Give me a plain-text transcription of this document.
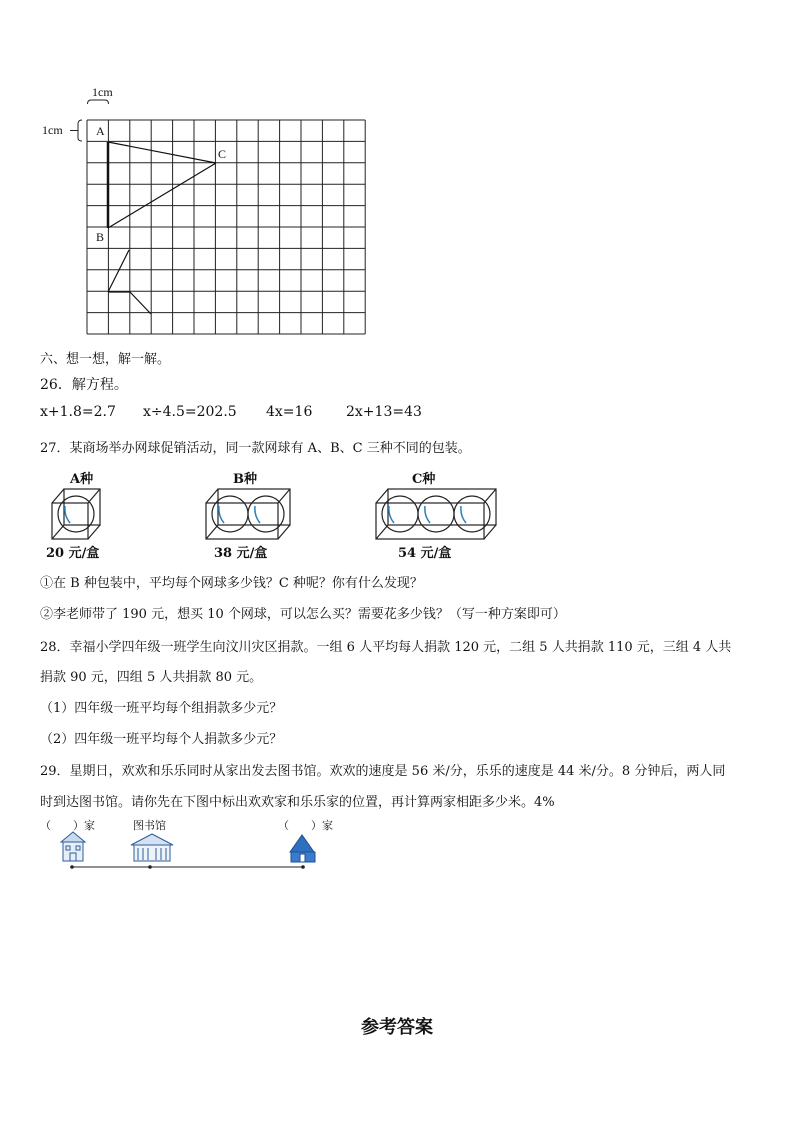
1cm
1cm	A
B
C
六、想一想，解一解。
26．解方程。
x+1.8=2.7 x÷4.5=202.5 4x=16 2x+13=43
27．某商场举办网球促销活动，同一款网球有 A、B、C 三种不同的包装。
A种
20 元/盒
B种
38 元/盒
C种
54 元/盒
①在 B 种包装中，平均每个网球多少钱？C 种呢？你有什么发现？
②李老师带了 190 元，想买 10 个网球，可以怎么买？需要花多少钱？（写一种方案即可）
28．幸福小学四年级一班学生向汶川灾区捐款。一组 6 人平均每人捐款 120 元，二组 5 人共捐款 110 元，三组 4 人共
捐款 90 元，四组 5 人共捐款 80 元。
（1）四年级一班平均每个组捐款多少元？
（2）四年级一班平均每个人捐款多少元？
29．星期日，欢欢和乐乐同时从家出发去图书馆。欢欢的速度是 56 米/分，乐乐的速度是 44 米/分。8 分钟后，两人同
时到达图书馆。请你先在下图中标出欢欢家和乐乐家的位置，再计算两家相距多少米。4%
（　　）家	图书馆	（　　）家
参考答案
